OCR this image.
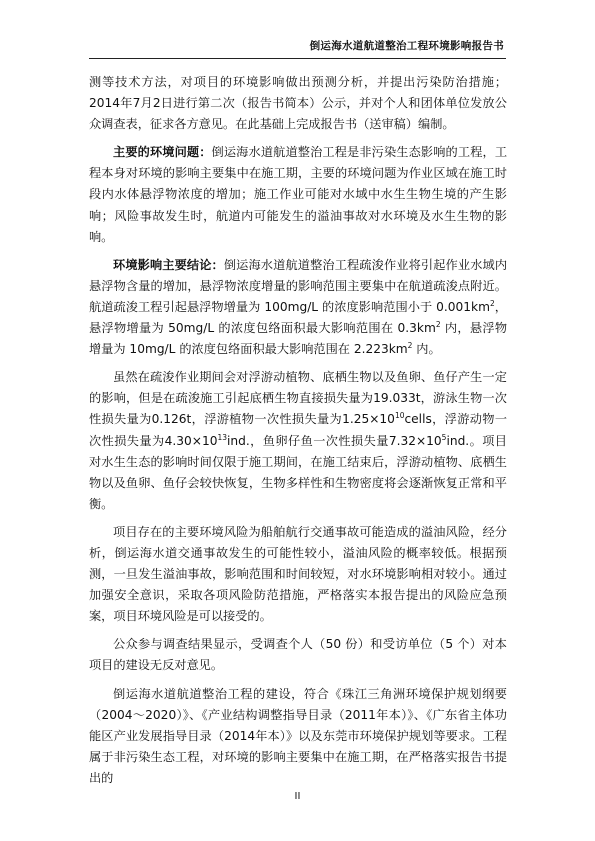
倒运海水道航道整治工程环境影响报告书

测等技术方法，对项目的环境影响做出预测分析，并提出污染防治措施；2014年7月2日进行第二次（报告书简本）公示，并对个人和团体单位发放公众调查表，征求各方意见。在此基础上完成报告书（送审稿）编制。

主要的环境问题：倒运海水道航道整治工程是非污染生态影响的工程，工程本身对环境的影响主要集中在施工期，主要的环境问题为作业区域在施工时段内水体悬浮物浓度的增加；施工作业可能对水域中水生生物生境的产生影响；风险事故发生时，航道内可能发生的溢油事故对水环境及水生生物的影响。

环境影响主要结论：倒运海水道航道整治工程疏浚作业将引起作业水域内悬浮物含量的增加，悬浮物浓度增量的影响范围主要集中在航道疏浚点附近。航道疏浚工程引起悬浮物增量为 100mg/L 的浓度影响范围小于 $0.001km^2$，悬浮物增量为 50mg/L 的浓度包络面积最大影响范围在 $0.3km^2$ 内，悬浮物增量为 10mg/L 的浓度包络面积最大影响范围在 $2.223km^2$ 内。

虽然在疏浚作业期间会对浮游动植物、底栖生物以及鱼卵、鱼仔产生一定的影响，但是在疏浚施工引起底栖生物直接损失量为19.033t，游泳生物一次性损失量为0.126t，浮游植物一次性损失量为$1.25\times 10^{10}cells$，浮游动物一次性损失量为$4.30\times 10^{13}ind$.，鱼卵仔鱼一次性损失量$7.32\times 10^5ind$.。项目对水生生态的影响时间仅限于施工期间，在施工结束后，浮游动植物、底栖生物以及鱼卵、鱼仔会较快恢复，生物多样性和生物密度将会逐渐恢复正常和平衡。

项目存在的主要环境风险为船舶航行交通事故可能造成的溢油风险，经分析，倒运海水道交通事故发生的可能性较小，溢油风险的概率较低。根据预测，一旦发生溢油事故，影响范围和时间较短，对水环境影响相对较小。通过加强安全意识，采取各项风险防范措施，严格落实本报告提出的风险应急预案，项目环境风险是可以接受的。

公众参与调查结果显示，受调查个人（50 份）和受访单位（5 个）对本项目的建设无反对意见。

倒运海水道航道整治工程的建设，符合《珠江三角洲环境保护规划纲要（2004～2020）》、《产业结构调整指导目录（2011年本）》、《广东省主体功能区产业发展指导目录（2014年本）》以及东莞市环境保护规划等要求。工程属于非污染生态工程，对环境的影响主要集中在施工期，在严格落实报告书提出的

II
